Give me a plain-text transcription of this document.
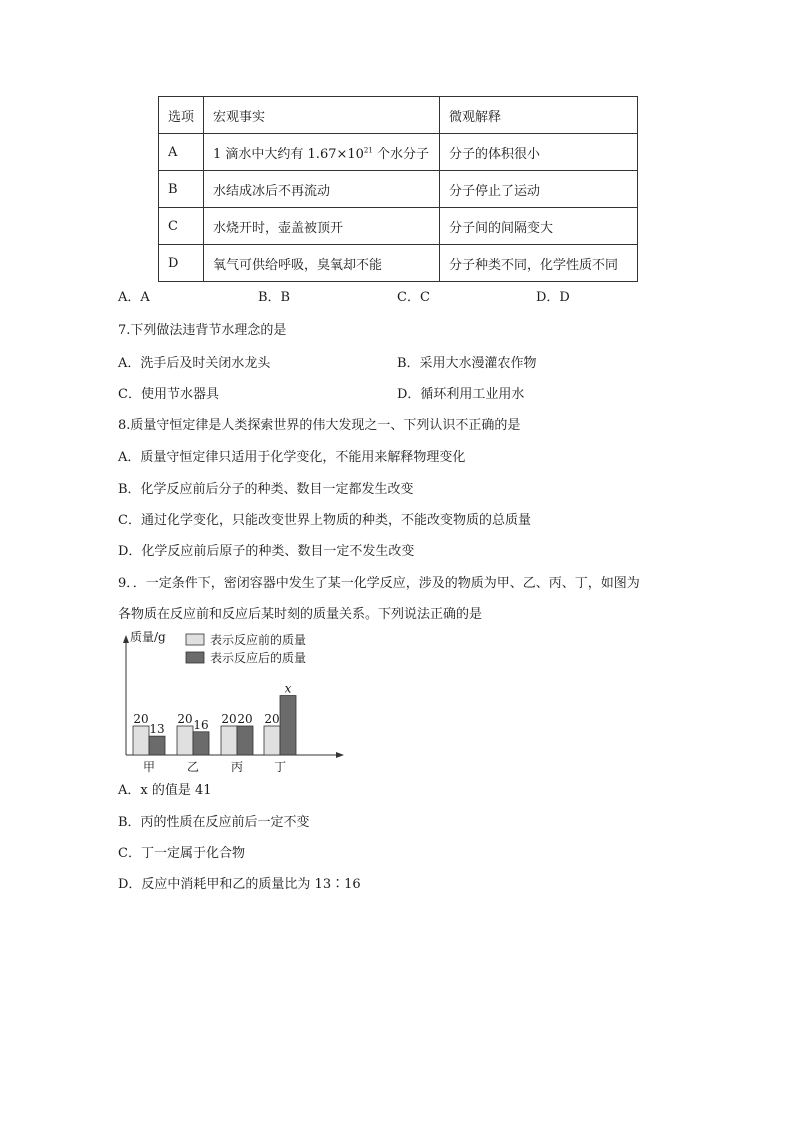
选项	宏观事实	微观解释
A	1 滴水中大约有 $1.67\times 10^{21}$ 个水分子	分子的体积很小
B	水结成冰后不再流动	分子停止了运动
C	水烧开时，壶盖被顶开	分子间的间隔变大
D	氧气可供给呼吸，臭氧却不能	分子种类不同，化学性质不同
A．A	B．B	C．C	D．D
7.下列做法违背节水理念的是
A．洗手后及时关闭水龙头	B．采用大水漫灌农作物
C．使用节水器具	D．循环利用工业用水
8.质量守恒定律是人类探索世界的伟大发现之一、下列认识不正确的是
A．质量守恒定律只适用于化学变化，不能用来解释物理变化
B．化学反应前后分子的种类、数目一定都发生改变
C．通过化学变化，只能改变世界上物质的种类，不能改变物质的总质量
D．化学反应前后原子的种类、数目一定不发生改变
9．．一定条件下，密闭容器中发生了某一化学反应，涉及的物质为甲、乙、丙、丁，如图为
各物质在反应前和反应后某时刻的质量关系。下列说法正确的是
质量/g	表示反应前的质量
表示反应后的质量
20
13
甲
20 16
乙
20 20
丙
20
x
丁
A．x 的值是 41
B．丙的性质在反应前后一定不变
C．丁一定属于化合物
D．反应中消耗甲和乙的质量比为 13∶16
